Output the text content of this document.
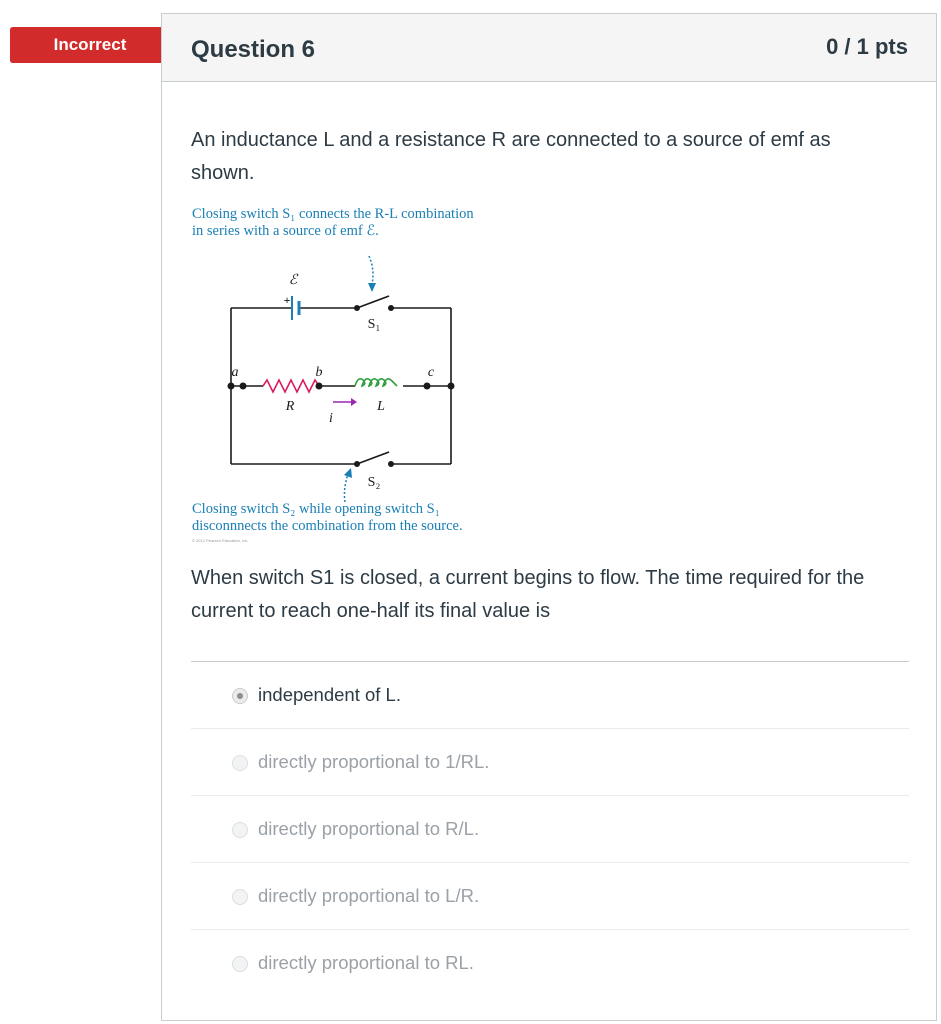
Incorrect	Question 6	0 / 1 pts
An inductance L and a resistance R are connected to a source of emf as shown.
Closing switch S₁ connects the R-L combination
in series with a source of emf ℰ.
ℰ
+
S₁
S₂
a	b	c
R	L
i
Closing switch S₂ while opening switch S₁
disconnnects the combination from the source.
© 2012 Pearson Education, Inc.
When switch S1 is closed, a current begins to flow. The time required for the current to reach one-half its final value is
independent of L.
directly proportional to 1/RL.
directly proportional to R/L.
directly proportional to L/R.
directly proportional to RL.
